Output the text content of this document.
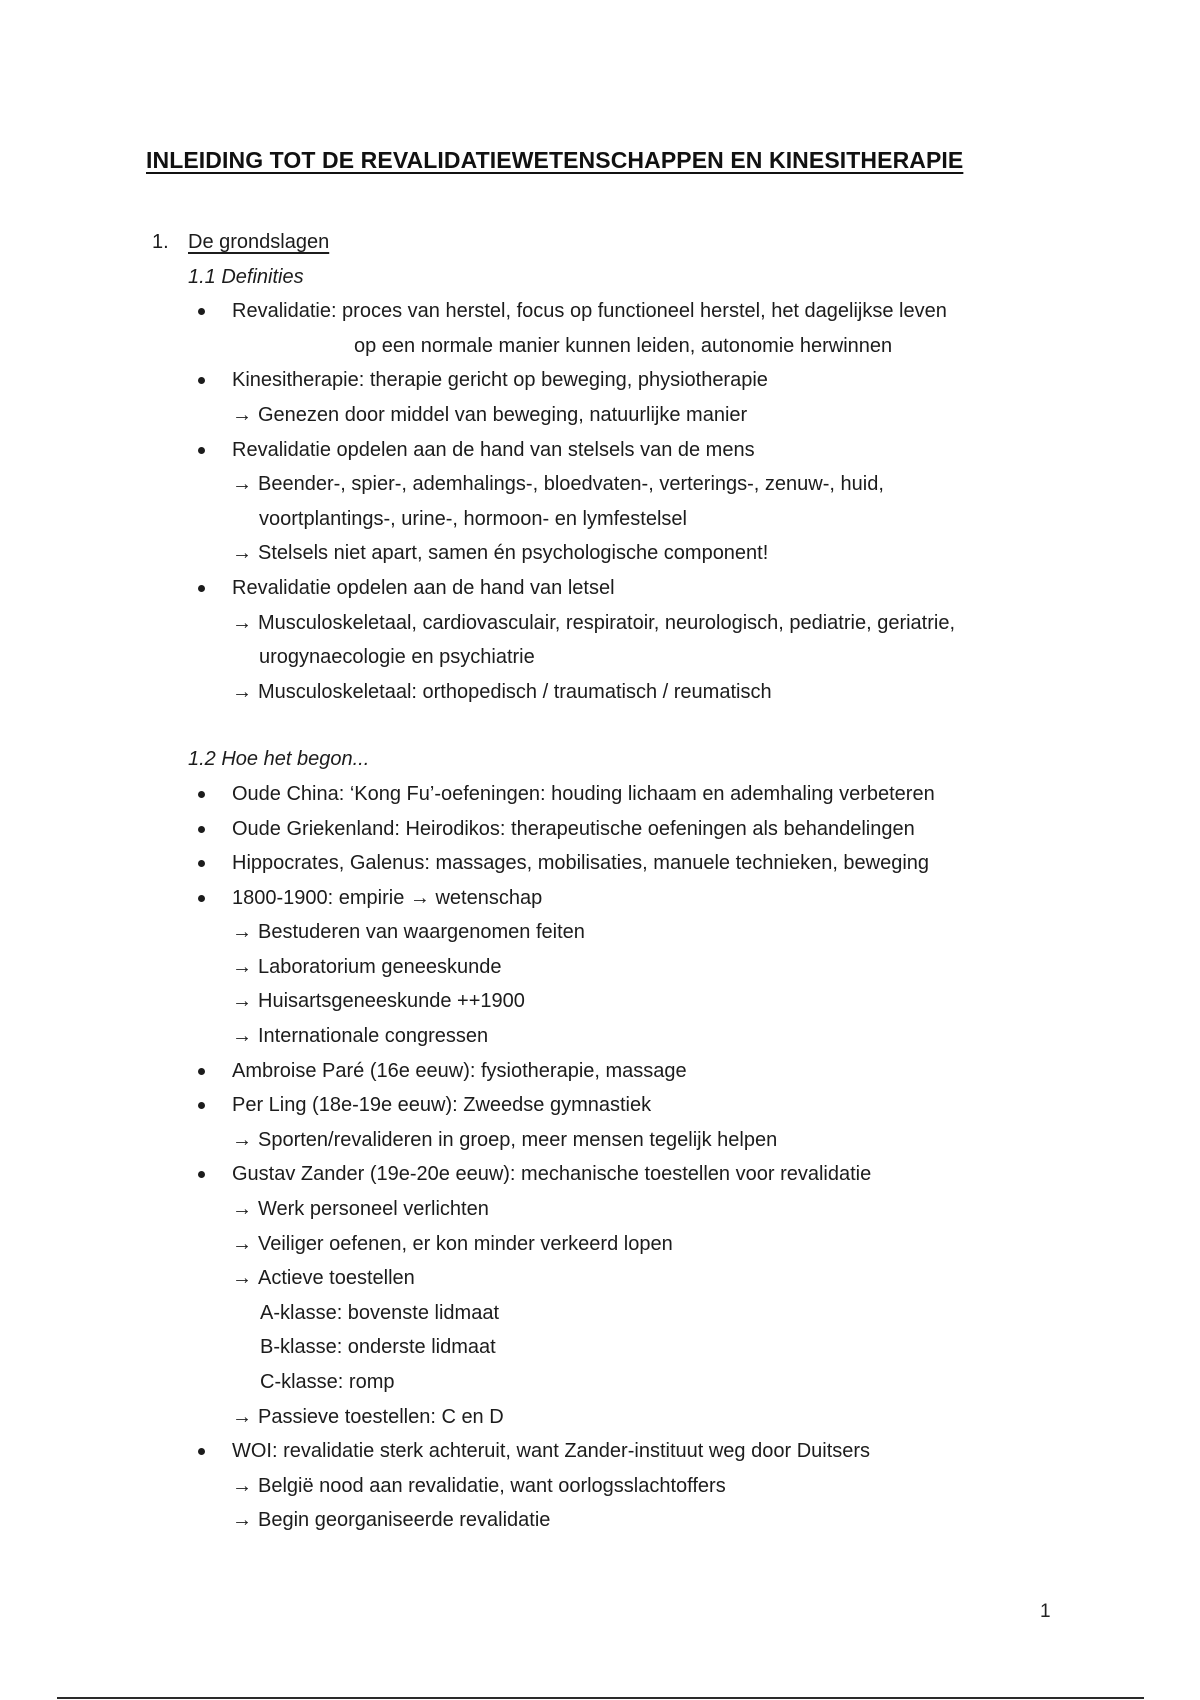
INLEIDING TOT DE REVALIDATIEWETENSCHAPPEN EN KINESITHERAPIE
1. De grondslagen
1.1 Definities
Revalidatie: proces van herstel, focus op functioneel herstel, het dagelijkse leven
op een normale manier kunnen leiden, autonomie herwinnen
Kinesitherapie: therapie gericht op beweging, physiotherapie
→ Genezen door middel van beweging, natuurlijke manier
Revalidatie opdelen aan de hand van stelsels van de mens
→ Beender-, spier-, ademhalings-, bloedvaten-, verterings-, zenuw-, huid,
voortplantings-, urine-, hormoon- en lymfestelsel
→ Stelsels niet apart, samen én psychologische component!
Revalidatie opdelen aan de hand van letsel
→ Musculoskeletaal, cardiovasculair, respiratoir, neurologisch, pediatrie, geriatrie,
urogynaecologie en psychiatrie
→ Musculoskeletaal: orthopedisch / traumatisch / reumatisch
1.2 Hoe het begon...
Oude China: ‘Kong Fu’-oefeningen: houding lichaam en ademhaling verbeteren
Oude Griekenland: Heirodikos: therapeutische oefeningen als behandelingen
Hippocrates, Galenus: massages, mobilisaties, manuele technieken, beweging
1800-1900: empirie → wetenschap
→ Bestuderen van waargenomen feiten
→ Laboratorium geneeskunde
→ Huisartsgeneeskunde ++1900
→ Internationale congressen
Ambroise Paré (16e eeuw): fysiotherapie, massage
Per Ling (18e-19e eeuw): Zweedse gymnastiek
→ Sporten/revalideren in groep, meer mensen tegelijk helpen
Gustav Zander (19e-20e eeuw): mechanische toestellen voor revalidatie
→ Werk personeel verlichten
→ Veiliger oefenen, er kon minder verkeerd lopen
→ Actieve toestellen
A-klasse: bovenste lidmaat
B-klasse: onderste lidmaat
C-klasse: romp
→ Passieve toestellen: C en D
WOI: revalidatie sterk achteruit, want Zander-instituut weg door Duitsers
→ België nood aan revalidatie, want oorlogsslachtoffers
→ Begin georganiseerde revalidatie
1
